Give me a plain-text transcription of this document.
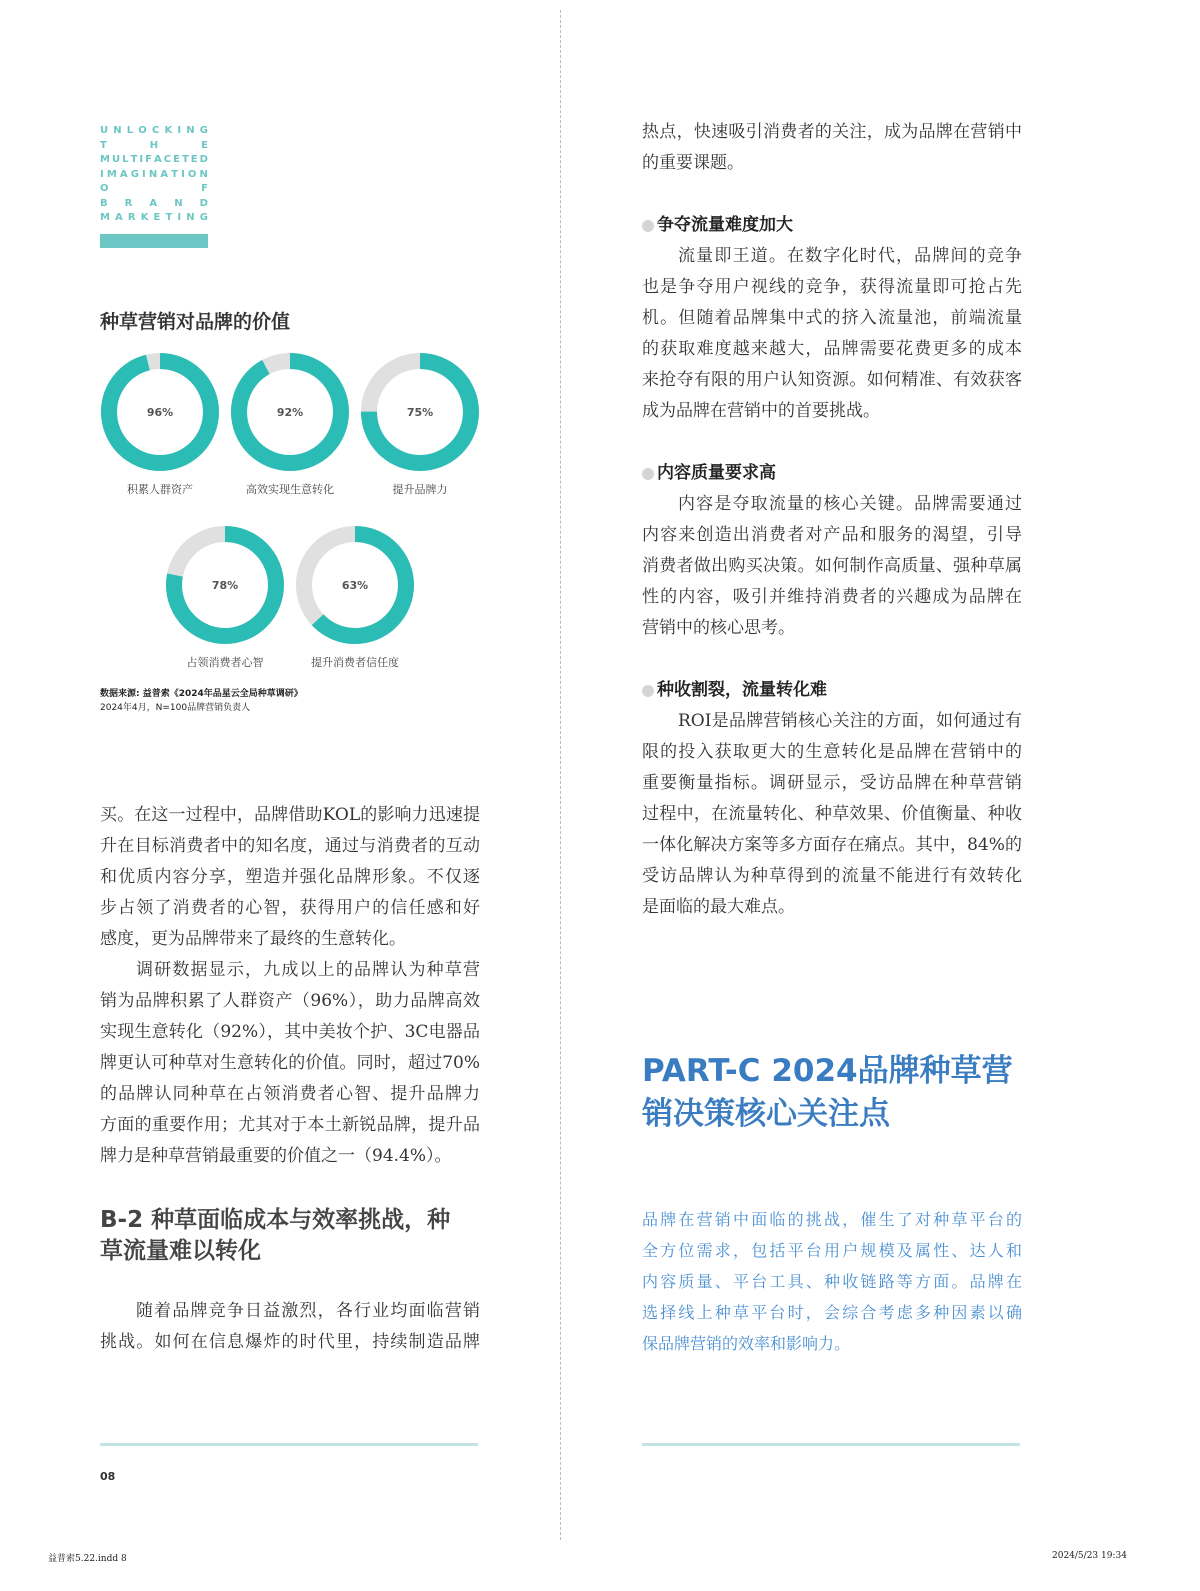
U N L O C K I N G
T	H	E
M U L T I F A C E T E D
I M A G I N A T I O N
O	F
B R A N D
M A R K E T I N G
种草营销对品牌的价值
96%
积累人群资产
92%
高效实现生意转化
75%
提升品牌力
78%
占领消费者心智
63%
提升消费者信任度
数据来源: 益普索《2024年品星云全局种草调研》
2024年4月，N=100品牌营销负责人
买。在这一过程中，品牌借助KOL的影响力迅速提
升在目标消费者中的知名度，通过与消费者的互动
和优质内容分享，塑造并强化品牌形象。不仅逐
步占领了消费者的心智，获得用户的信任感和好
感度，更为品牌带来了最终的生意转化。
调研数据显示，九成以上的品牌认为种草营
销为品牌积累了人群资产（96%），助力品牌高效
实现生意转化（92%），其中美妆个护、3C电器品
牌更认可种草对生意转化的价值。同时，超过70%
的品牌认同种草在占领消费者心智、提升品牌力
方面的重要作用；尤其对于本土新锐品牌，提升品
牌力是种草营销最重要的价值之一（94.4%）。
B-2 种草面临成本与效率挑战，种
草流量难以转化
随着品牌竞争日益激烈，各行业均面临营销
挑战。如何在信息爆炸的时代里，持续制造品牌
热点，快速吸引消费者的关注，成为品牌在营销中
的重要课题。
争夺流量难度加大
流量即王道。在数字化时代，品牌间的竞争
也是争夺用户视线的竞争，获得流量即可抢占先
机。但随着品牌集中式的挤入流量池，前端流量
的获取难度越来越大，品牌需要花费更多的成本
来抢夺有限的用户认知资源。如何精准、有效获客
成为品牌在营销中的首要挑战。
内容质量要求高
内容是夺取流量的核心关键。品牌需要通过
内容来创造出消费者对产品和服务的渴望，引导
消费者做出购买决策。如何制作高质量、强种草属
性的内容，吸引并维持消费者的兴趣成为品牌在
营销中的核心思考。
种收割裂，流量转化难
ROI是品牌营销核心关注的方面，如何通过有
限的投入获取更大的生意转化是品牌在营销中的
重要衡量指标。调研显示，受访品牌在种草营销
过程中，在流量转化、种草效果、价值衡量、种收
一体化解决方案等多方面存在痛点。其中，84%的
受访品牌认为种草得到的流量不能进行有效转化
是面临的最大难点。
PART-C 2024品牌种草营
销决策核心关注点
品牌在营销中面临的挑战，催生了对种草平台的
全方位需求，包括平台用户规模及属性、达人和
内容质量、平台工具、种收链路等方面。品牌在
选择线上种草平台时，会综合考虑多种因素以确
保品牌营销的效率和影响力。
08
益普索5.22.indd 8	2024/5/23 19:34
